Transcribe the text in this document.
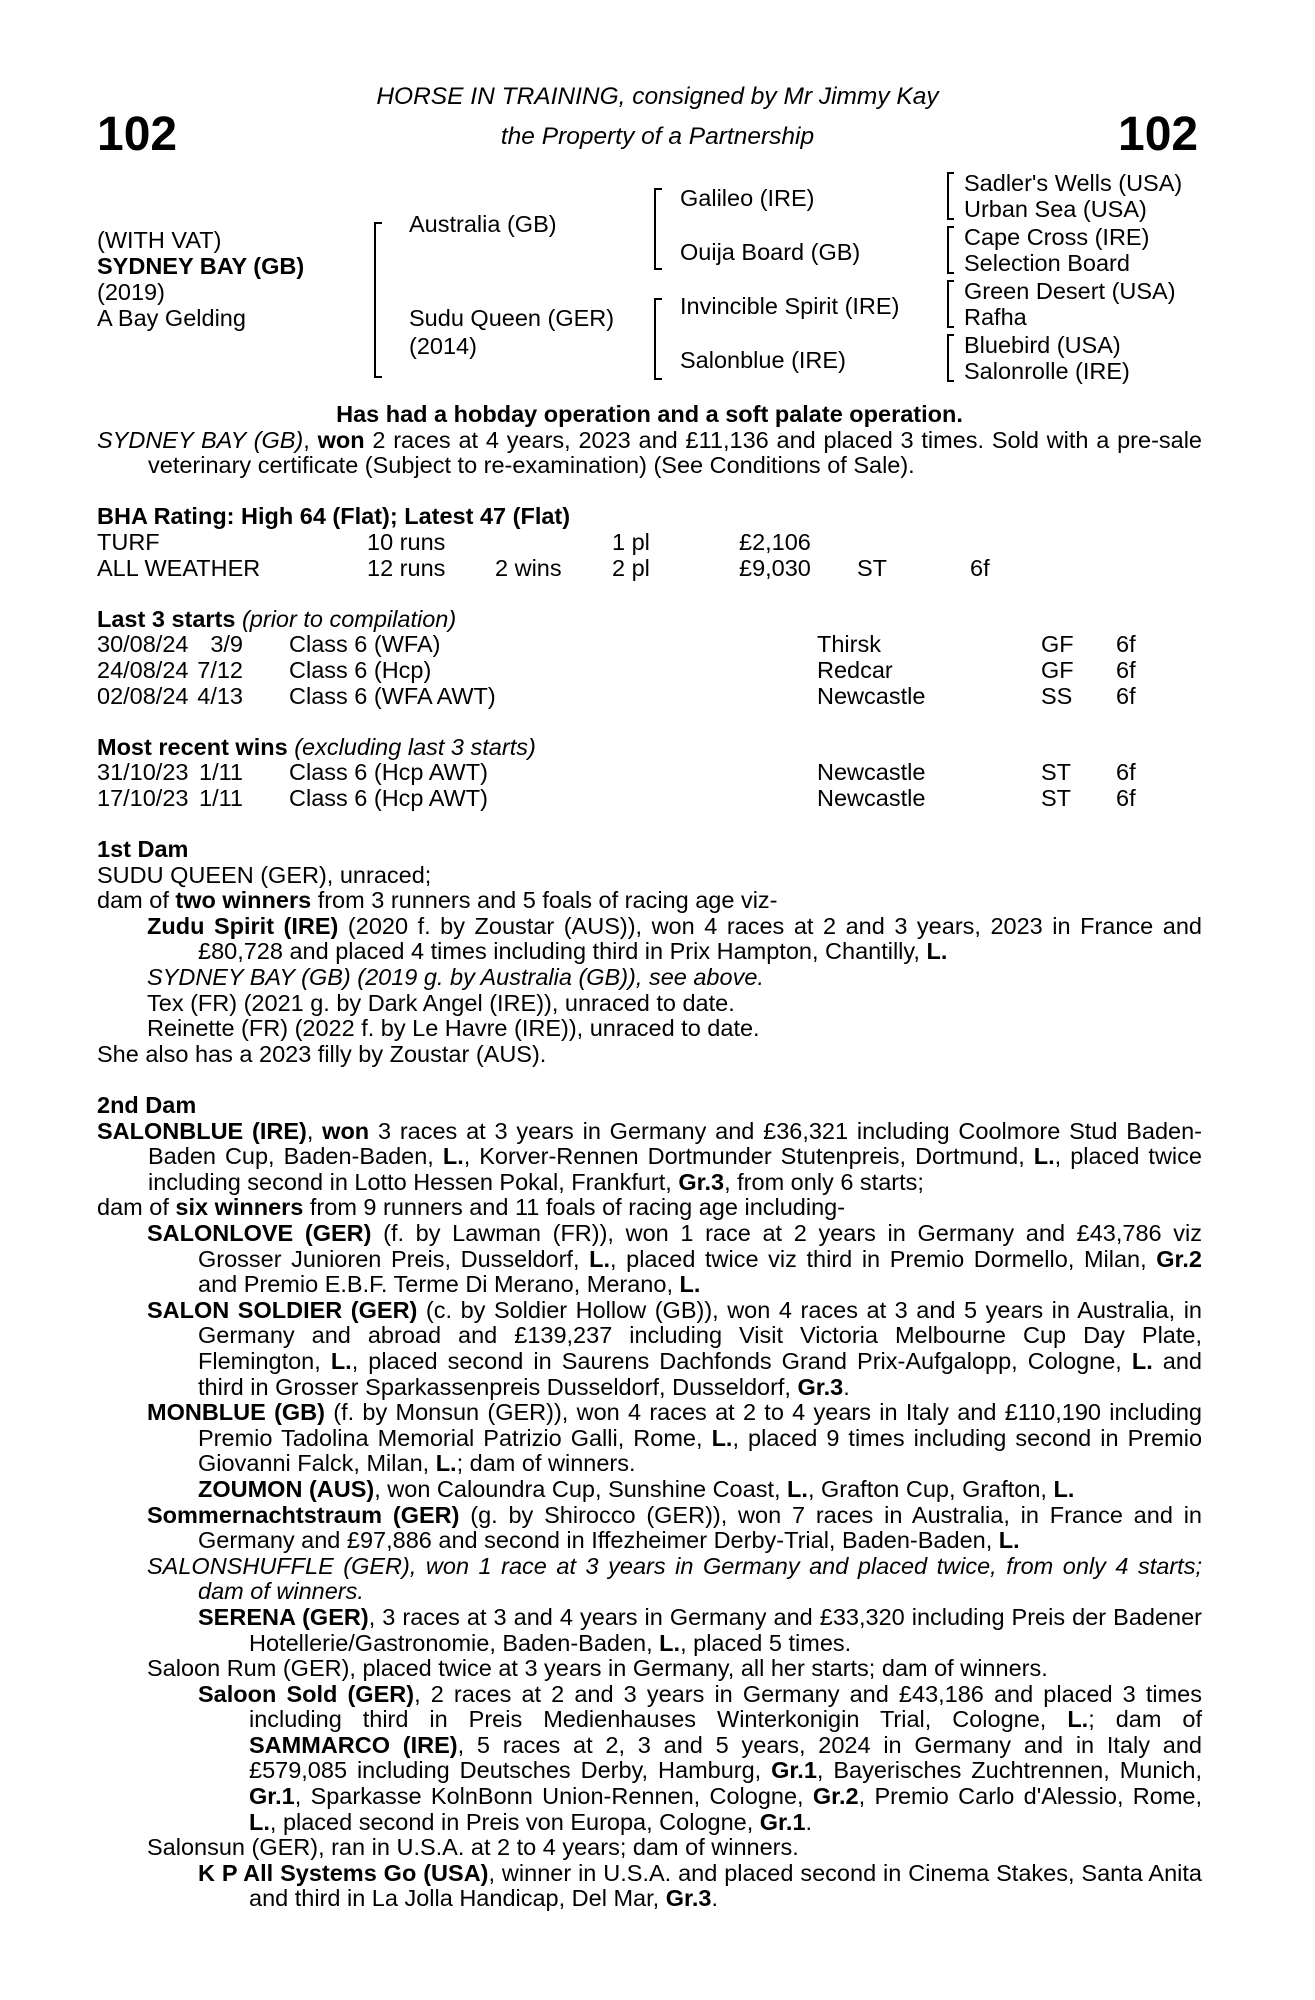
102	102
HORSE IN TRAINING, consigned by Mr Jimmy Kay
the Property of a Partnership
(WITH VAT)
SYDNEY BAY (GB)
(2019)
A Bay Gelding
Australia (GB)
Sudu Queen (GER)
(2014)
Galileo (IRE)
Ouija Board (GB)
Invincible Spirit (IRE)
Salonblue (IRE)
Sadler's Wells (USA)
Urban Sea (USA)
Cape Cross (IRE)
Selection Board
Green Desert (USA)
Rafha
Bluebird (USA)
Salonrolle (IRE)
Has had a hobday operation and a soft palate operation.
SYDNEY BAY (GB), won 2 races at 4 years, 2023 and £11,136 and placed 3 times. Sold with a pre-sale veterinary certificate (Subject to re-examination) (See Conditions of Sale).
BHA Rating: High 64 (Flat); Latest 47 (Flat)
TURF	10 runs	1 pl	£2,106
ALL WEATHER	12 runs 2 wins 2 pl	£9,030 ST	6f
Last 3 starts (prior to compilation)
30/08/24 3/9 Class 6 (WFA)	Thirsk	GF 6f
24/08/24 7/12 Class 6 (Hcp)	Redcar	GF 6f
02/08/24 4/13 Class 6 (WFA AWT)	Newcastle	SS 6f
Most recent wins (excluding last 3 starts)
31/10/23 1/11 Class 6 (Hcp AWT)	Newcastle	ST 6f
17/10/23 1/11 Class 6 (Hcp AWT)	Newcastle	ST 6f
1st Dam
SUDU QUEEN (GER), unraced;
dam of two winners from 3 runners and 5 foals of racing age viz-
Zudu Spirit (IRE) (2020 f. by Zoustar (AUS)), won 4 races at 2 and 3 years, 2023 in France and £80,728 and placed 4 times including third in Prix Hampton, Chantilly, L.
SYDNEY BAY (GB) (2019 g. by Australia (GB)), see above.
Tex (FR) (2021 g. by Dark Angel (IRE)), unraced to date.
Reinette (FR) (2022 f. by Le Havre (IRE)), unraced to date.
She also has a 2023 filly by Zoustar (AUS).
2nd Dam
SALONBLUE (IRE), won 3 races at 3 years in Germany and £36,321 including Coolmore Stud Baden-Baden Cup, Baden-Baden, L., Korver-Rennen Dortmunder Stutenpreis, Dortmund, L., placed twice including second in Lotto Hessen Pokal, Frankfurt, Gr.3, from only 6 starts;
dam of six winners from 9 runners and 11 foals of racing age including-
SALONLOVE (GER) (f. by Lawman (FR)), won 1 race at 2 years in Germany and £43,786 viz Grosser Junioren Preis, Dusseldorf, L., placed twice viz third in Premio Dormello, Milan, Gr.2 and Premio E.B.F. Terme Di Merano, Merano, L.
SALON SOLDIER (GER) (c. by Soldier Hollow (GB)), won 4 races at 3 and 5 years in Australia, in Germany and abroad and £139,237 including Visit Victoria Melbourne Cup Day Plate, Flemington, L., placed second in Saurens Dachfonds Grand Prix-Aufgalopp, Cologne, L. and third in Grosser Sparkassenpreis Dusseldorf, Dusseldorf, Gr.3.
MONBLUE (GB) (f. by Monsun (GER)), won 4 races at 2 to 4 years in Italy and £110,190 including Premio Tadolina Memorial Patrizio Galli, Rome, L., placed 9 times including second in Premio Giovanni Falck, Milan, L.; dam of winners.
ZOUMON (AUS), won Caloundra Cup, Sunshine Coast, L., Grafton Cup, Grafton, L.
Sommernachtstraum (GER) (g. by Shirocco (GER)), won 7 races in Australia, in France and in Germany and £97,886 and second in Iffezheimer Derby-Trial, Baden-Baden, L.
SALONSHUFFLE (GER), won 1 race at 3 years in Germany and placed twice, from only 4 starts; dam of winners.
SERENA (GER), 3 races at 3 and 4 years in Germany and £33,320 including Preis der Badener Hotellerie/Gastronomie, Baden-Baden, L., placed 5 times.
Saloon Rum (GER), placed twice at 3 years in Germany, all her starts; dam of winners.
Saloon Sold (GER), 2 races at 2 and 3 years in Germany and £43,186 and placed 3 times including third in Preis Medienhauses Winterkonigin Trial, Cologne, L.; dam of SAMMARCO (IRE), 5 races at 2, 3 and 5 years, 2024 in Germany and in Italy and £579,085 including Deutsches Derby, Hamburg, Gr.1, Bayerisches Zuchtrennen, Munich, Gr.1, Sparkasse KolnBonn Union-Rennen, Cologne, Gr.2, Premio Carlo d'Alessio, Rome, L., placed second in Preis von Europa, Cologne, Gr.1.
Salonsun (GER), ran in U.S.A. at 2 to 4 years; dam of winners.
K P All Systems Go (USA), winner in U.S.A. and placed second in Cinema Stakes, Santa Anita and third in La Jolla Handicap, Del Mar, Gr.3.
